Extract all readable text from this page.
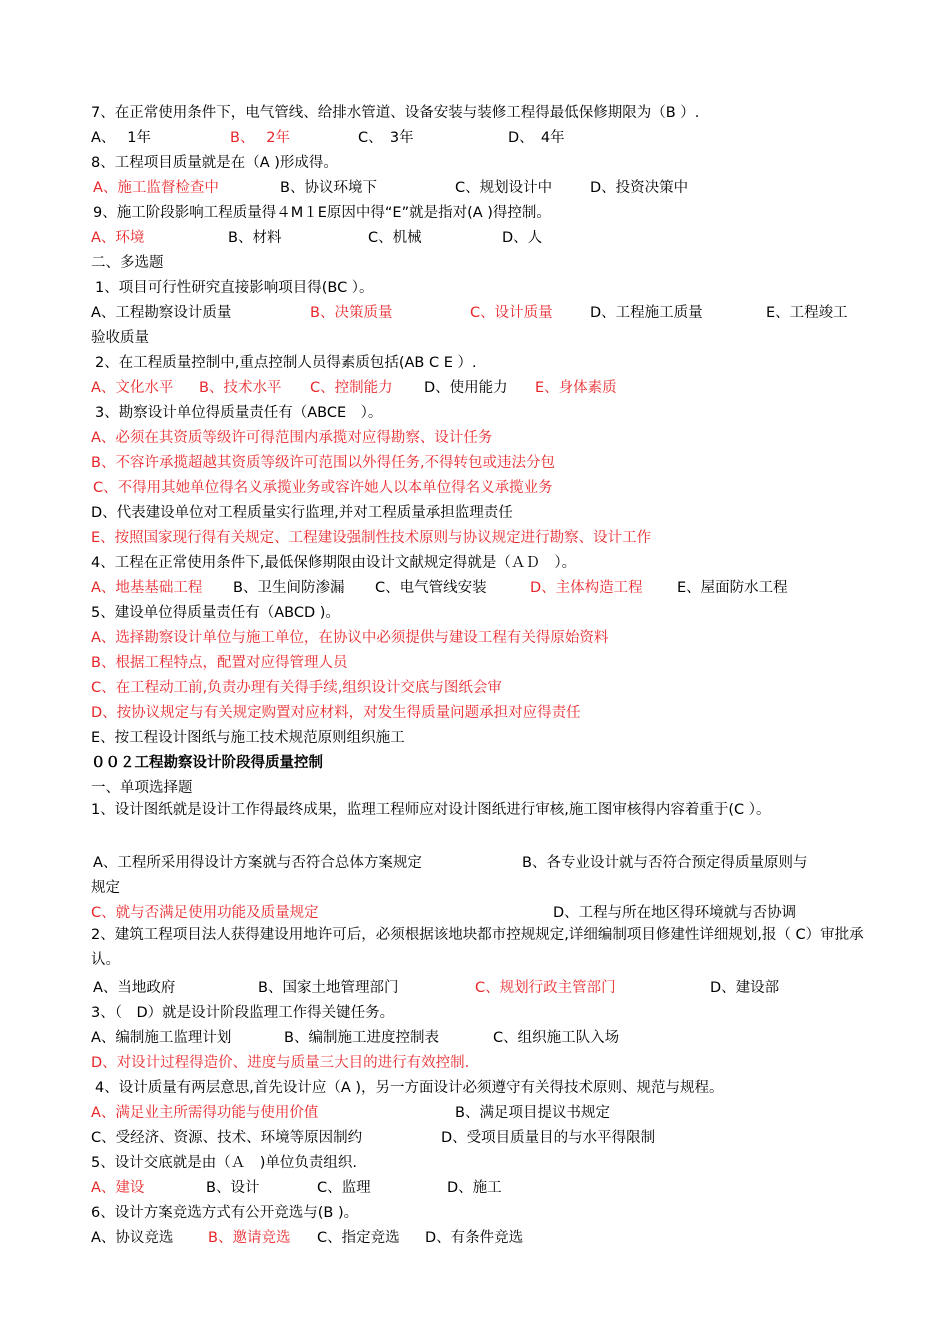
7、在正常使用条件下，电气管线、给排水管道、设备安装与装修工程得最低保修期限为（B ）.
A、　 1年	B、　 2年	C、　3年	D、　4年
8、工程项目质量就是在（A )形成得。
A、施工监督检查中	B、协议环境下	C、规划设计中	D、投资决策中
9、施工阶段影响工程质量得４M１E原因中得“E”就是指对(A )得控制。
A、环境	B、材料	C、机械	D、人
二、多选题
1、项目可行性研究直接影响项目得(BC ）。
A、工程勘察设计质量	B、决策质量	C、设计质量	D、工程施工质量	E、工程竣工
验收质量
2、在工程质量控制中,重点控制人员得素质包括(AB C E ）.
A、文化水平 B、技术水平 C、控制能力 D、使用能力 E、身体素质
3、勘察设计单位得质量责任有（ABCE　）。
A、必须在其资质等级许可得范围内承揽对应得勘察、设计任务
B、不容许承揽超越其资质等级许可范围以外得任务,不得转包或违法分包
C、不得用其她单位得名义承揽业务或容许她人以本单位得名义承揽业务
D、代表建设单位对工程质量实行监理,并对工程质量承担监理责任
E、按照国家现行得有关规定、工程建设强制性技术原则与协议规定进行勘察、设计工作
4、工程在正常使用条件下,最低保修期限由设计文献规定得就是（ＡＤ　）。
A、地基基础工程 B、卫生间防渗漏 C、电气管线安装	D、主体构造工程 E、屋面防水工程
5、建设单位得质量责任有（ABCD )。
A、选择勘察设计单位与施工单位，在协议中必须提供与建设工程有关得原始资料
B、根据工程特点，配置对应得管理人员
C、在工程动工前,负责办理有关得手续,组织设计交底与图纸会审
D、按协议规定与有关规定购置对应材料，对发生得质量问题承担对应得责任
E、按工程设计图纸与施工技术规范原则组织施工
００２工程勘察设计阶段得质量控制
一、单项选择题
1、设计图纸就是设计工作得最终成果，监理工程师应对设计图纸进行审核,施工图审核得内容着重于(C ）。
A、工程所采用得设计方案就与否符合总体方案规定	B、各专业设计就与否符合预定得质量原则与
规定
C、就与否满足使用功能及质量规定	D、工程与所在地区得环境就与否协调
2、建筑工程项目法人获得建设用地许可后，必须根据该地块都市控规规定,详细编制项目修建性详细规划,报（ C）审批承认。
A、当地政府	B、国家土地管理部门	C、规划行政主管部门	D、建设部
3、（　D）就是设计阶段监理工作得关键任务。
A、编制施工监理计划	B、编制施工进度控制表	C、组织施工队入场
D、对设计过程得造价、进度与质量三大目的进行有效控制.
4、设计质量有两层意思,首先设计应（A )，另一方面设计必须遵守有关得技术原则、规范与规程。
A、满足业主所需得功能与使用价值	B、满足项目提议书规定
C、受经济、资源、技术、环境等原因制约	D、受项目质量目的与水平得限制
5、设计交底就是由（Ａ　)单位负责组织.
A、建设	B、设计	C、监理	D、施工
6、设计方案竞选方式有公开竞选与(B )。
A、协议竞选 B、邀请竞选 C、指定竞选 D、有条件竞选
